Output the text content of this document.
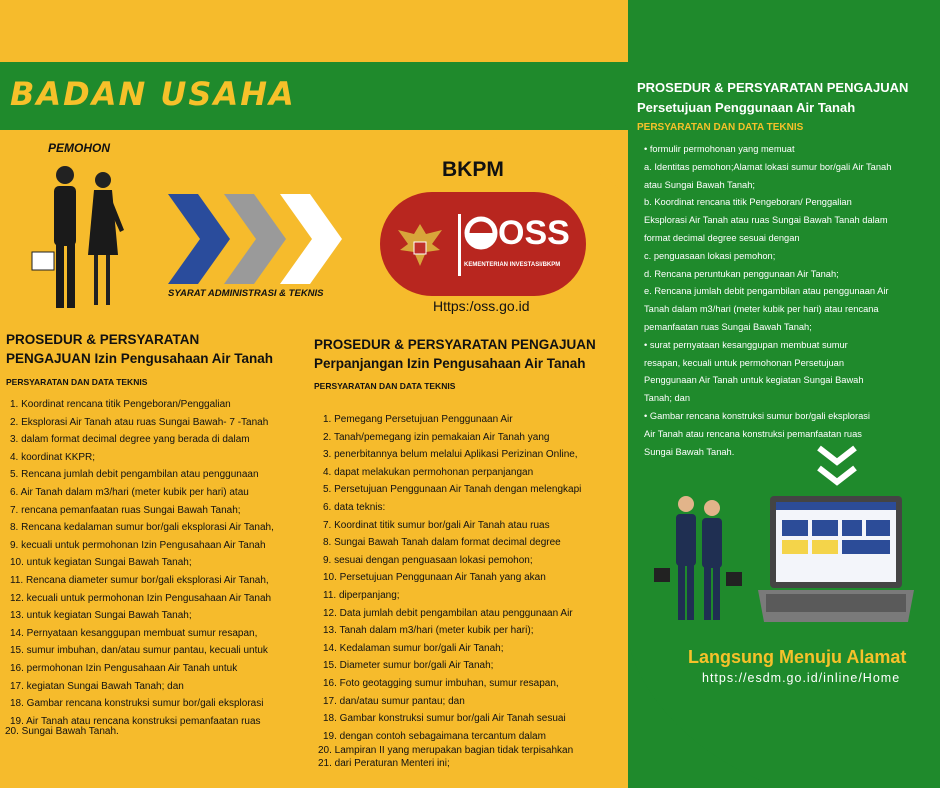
BADAN USAHA
PEMOHON
SYARAT ADMINISTRASI & TEKNIS
BKPM
OSS
KEMENTERIAN INVESTASI/BKPM
Https:/oss.go.id
PROSEDUR & PERSYARATAN
PENGAJUAN Izin Pengusahaan Air Tanah
PERSYARATAN DAN DATA TEKNIS
1. Koordinat rencana titik Pengeboran/Penggalian
2. Eksplorasi Air Tanah atau ruas Sungai Bawah- 7 -Tanah
3. dalam format decimal degree yang berada di dalam
4. koordinat KKPR;
5. Rencana jumlah debit pengambilan atau penggunaan
6. Air Tanah dalam m3/hari (meter kubik per hari) atau
7. rencana pemanfaatan ruas Sungai Bawah Tanah;
8. Rencana kedalaman sumur bor/gali eksplorasi Air Tanah,
9. kecuali untuk permohonan Izin Pengusahaan Air Tanah
10. untuk kegiatan Sungai Bawah Tanah;
11. Rencana diameter sumur bor/gali eksplorasi Air Tanah,
12. kecuali untuk permohonan Izin Pengusahaan Air Tanah
13. untuk kegiatan Sungai Bawah Tanah;
14. Pernyataan kesanggupan membuat sumur resapan,
15. sumur imbuhan, dan/atau sumur pantau, kecuali untuk
16. permohonan Izin Pengusahaan Air Tanah untuk
17. kegiatan Sungai Bawah Tanah; dan
18. Gambar rencana konstruksi sumur bor/gali eksplorasi
19. Air Tanah atau rencana konstruksi pemanfaatan ruas
20. Sungai Bawah Tanah.
PROSEDUR & PERSYARATAN PENGAJUAN
Perpanjangan Izin Pengusahaan Air Tanah
PERSYARATAN DAN DATA TEKNIS
1. Pemegang Persetujuan Penggunaan Air
2. Tanah/pemegang izin pemakaian Air Tanah yang
3. penerbitannya belum melalui Aplikasi Perizinan Online,
4. dapat melakukan permohonan perpanjangan
5. Persetujuan Penggunaan Air Tanah dengan melengkapi
6. data teknis:
7. Koordinat titik sumur bor/gali Air Tanah atau ruas
8. Sungai Bawah Tanah dalam format decimal degree
9. sesuai dengan penguasaan lokasi pemohon;
10. Persetujuan Penggunaan Air Tanah yang akan
11. diperpanjang;
12. Data jumlah debit pengambilan atau penggunaan Air
13. Tanah dalam m3/hari (meter kubik per hari);
14. Kedalaman sumur bor/gali Air Tanah;
15. Diameter sumur bor/gali Air Tanah;
16. Foto geotagging sumur imbuhan, sumur resapan,
17. dan/atau sumur pantau; dan
18. Gambar konstruksi sumur bor/gali Air Tanah sesuai
19. dengan contoh sebagaimana tercantum dalam
20. Lampiran II yang merupakan bagian tidak terpisahkan
21. dari Peraturan Menteri ini;
PROSEDUR & PERSYARATAN PENGAJUAN
Persetujuan Penggunaan Air Tanah
PERSYARATAN DAN DATA TEKNIS
• formulir permohonan yang memuat
a. Identitas pemohon;Alamat lokasi sumur bor/gali Air Tanah
atau Sungai Bawah Tanah;
b. Koordinat rencana titik Pengeboran/ Penggalian
Eksplorasi Air Tanah atau ruas Sungai Bawah Tanah dalam
format decimal degree sesuai dengan
c. penguasaan lokasi pemohon;
d. Rencana peruntukan penggunaan Air Tanah;
e. Rencana jumlah debit pengambilan atau penggunaan Air
Tanah dalam m3/hari (meter kubik per hari) atau rencana
pemanfaatan ruas Sungai Bawah Tanah;
• surat pernyataan kesanggupan membuat sumur
resapan, kecuali untuk permohonan Persetujuan
Penggunaan Air Tanah untuk kegiatan Sungai Bawah
Tanah; dan
• Gambar rencana konstruksi sumur bor/gali eksplorasi
Air Tanah atau rencana konstruksi pemanfaatan ruas
Sungai Bawah Tanah.
Langsung Menuju Alamat
https://esdm.go.id/inline/Home
